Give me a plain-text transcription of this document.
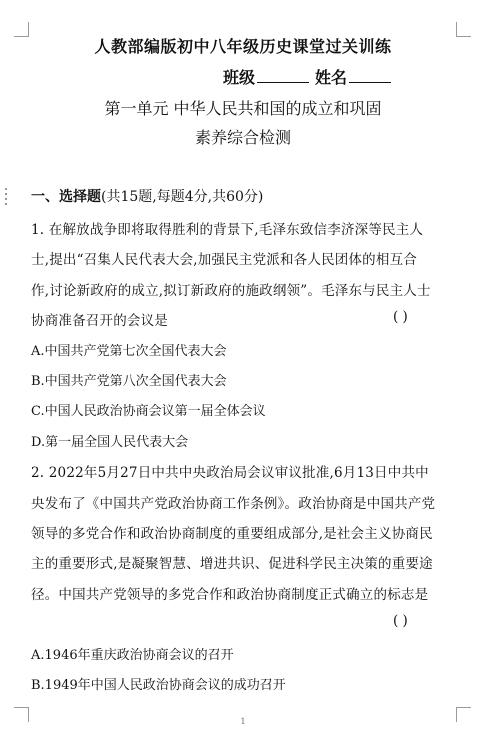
人教部编版初中八年级历史课堂过关训练
班级	姓名
第一单元 中华人民共和国的成立和巩固
素养综合检测
一、选择题(共15题,每题4分,共60分)
1. 在解放战争即将取得胜利的背景下,毛泽东致信李济深等民主人
士,提出“召集人民代表大会,加强民主党派和各人民团体的相互合
作,讨论新政府的成立,拟订新政府的施政纲领”。毛泽东与民主人士
协商准备召开的会议是	( )
A.中国共产党第七次全国代表大会
B.中国共产党第八次全国代表大会
C.中国人民政治协商会议第一届全体会议
D.第一届全国人民代表大会
2. 2022年5月27日中共中央政治局会议审议批准,6月13日中共中
央发布了《中国共产党政治协商工作条例》。政治协商是中国共产党
领导的多党合作和政治协商制度的重要组成部分,是社会主义协商民
主的重要形式,是凝聚智慧、增进共识、促进科学民主决策的重要途
径。中国共产党领导的多党合作和政治协商制度正式确立的标志是
( )
A.1946年重庆政治协商会议的召开
B.1949年中国人民政治协商会议的成功召开
1
